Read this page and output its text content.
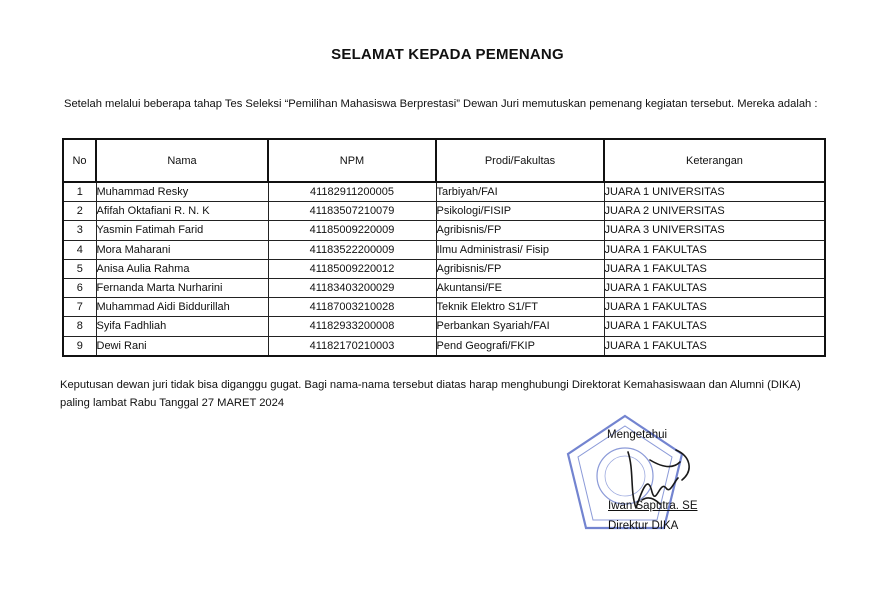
SELAMAT KEPADA PEMENANG
Setelah melalui beberapa tahap Tes Seleksi “Pemilihan Mahasiswa Berprestasi” Dewan Juri memutuskan pemenang kegiatan tersebut. Mereka adalah :
No	Nama	NPM	Prodi/Fakultas	Keterangan
1	Muhammad Resky	41182911200005	Tarbiyah/FAI	JUARA 1 UNIVERSITAS
2	Afifah Oktafiani R. N. K	41183507210079	Psikologi/FISIP	JUARA 2 UNIVERSITAS
3	Yasmin Fatimah Farid	41185009220009	Agribisnis/FP	JUARA 3 UNIVERSITAS
4	Mora Maharani	41183522200009	Ilmu Administrasi/ Fisip	JUARA 1 FAKULTAS
5	Anisa Aulia Rahma	41185009220012	Agribisnis/FP	JUARA 1 FAKULTAS
6	Fernanda Marta Nurharini	41183403200029	Akuntansi/FE	JUARA 1 FAKULTAS
7	Muhammad Aidi Biddurillah	41187003210028	Teknik Elektro S1/FT	JUARA 1 FAKULTAS
8	Syifa Fadhliah	41182933200008	Perbankan Syariah/FAI	JUARA 1 FAKULTAS
9	Dewi Rani	41182170210003	Pend Geografi/FKIP	JUARA 1 FAKULTAS
Keputusan dewan juri tidak bisa diganggu gugat. Bagi nama-nama tersebut diatas harap menghubungi Direktorat Kemahasiswaan dan Alumni (DIKA)
paling lambat Rabu Tanggal 27 MARET 2024
Mengetahui
Iwan Saputra. SE
Direktur DIKA
